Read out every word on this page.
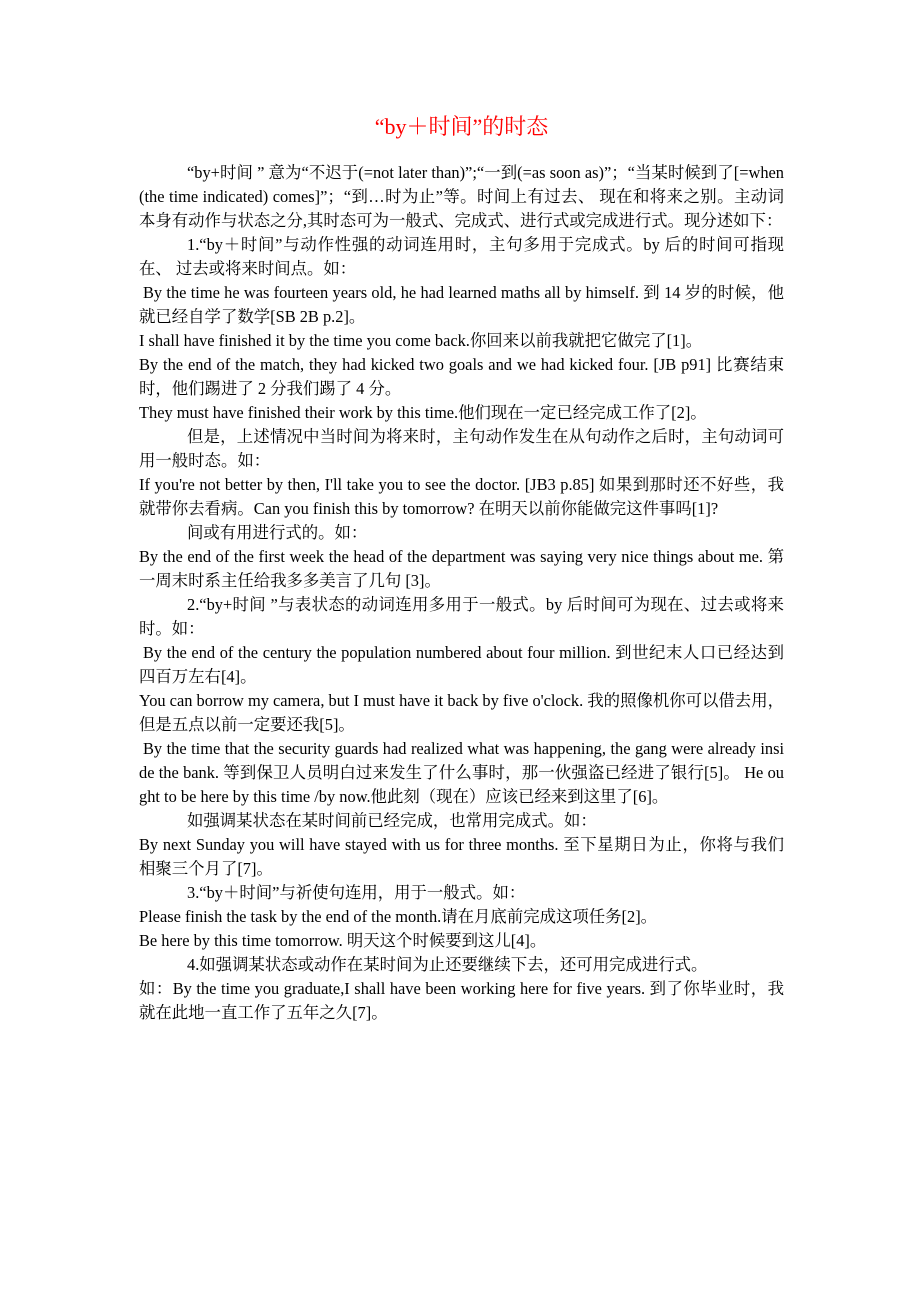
“by＋时间”的时态

“by+时间 ” 意为“不迟于(=not later than)”;“一到(=as soon as)”；“当某时候到了[=when (the time indicated) comes]”；“到…时为止”等。时间上有过去、 现在和将来之别。主动词本身有动作与状态之分,其时态可为一般式、完成式、进行式或完成进行式。现分述如下：

1.“by＋时间”与动作性强的动词连用时，主句多用于完成式。by 后的时间可指现在、 过去或将来时间点。如：

By the time he was fourteen years old, he had learned maths all by himself. 到 14 岁的时候，他就已经自学了数学[SB 2B p.2]。

I shall have finished it by the time you come back.你回来以前我就把它做完了[1]。

By the end of the match, they had kicked two goals and we had kicked four. [JB p91] 比赛结束时，他们踢进了 2 分我们踢了 4 分。

They must have finished their work by this time.他们现在一定已经完成工作了[2]。

但是，上述情况中当时间为将来时，主句动作发生在从句动作之后时，主句动词可用一般时态。如：

If you're not better by then, I'll take you to see the doctor. [JB3 p.85] 如果到那时还不好些，我就带你去看病。Can you finish this by tomorrow? 在明天以前你能做完这件事吗[1]?

间或有用进行式的。如：

By the end of the first week the head of the department was saying very nice things about me. 第一周末时系主任给我多多美言了几句 [3]。

2.“by+时间 ”与表状态的动词连用多用于一般式。by 后时间可为现在、过去或将来时。如：

By the end of the century the population numbered about four million. 到世纪末人口已经达到四百万左右[4]。

You can borrow my camera, but I must have it back by five o'clock. 我的照像机你可以借去用，但是五点以前一定要还我[5]。

By the time that the security guards had realized what was happening, the gang were already inside the bank. 等到保卫人员明白过来发生了什么事时，那一伙强盗已经进了银行[5]。 He ought to be here by this time /by now.他此刻（现在）应该已经来到这里了[6]。

如强调某状态在某时间前已经完成，也常用完成式。如：

By next Sunday you will have stayed with us for three months. 至下星期日为止，你将与我们相聚三个月了[7]。

3.“by＋时间”与祈使句连用，用于一般式。如：

Please finish the task by the end of the month.请在月底前完成这项任务[2]。

Be here by this time tomorrow. 明天这个时候要到这儿[4]。

4.如强调某状态或动作在某时间为止还要继续下去，还可用完成进行式。

如：By the time you graduate,I shall have been working here for five years. 到了你毕业时，我就在此地一直工作了五年之久[7]。
